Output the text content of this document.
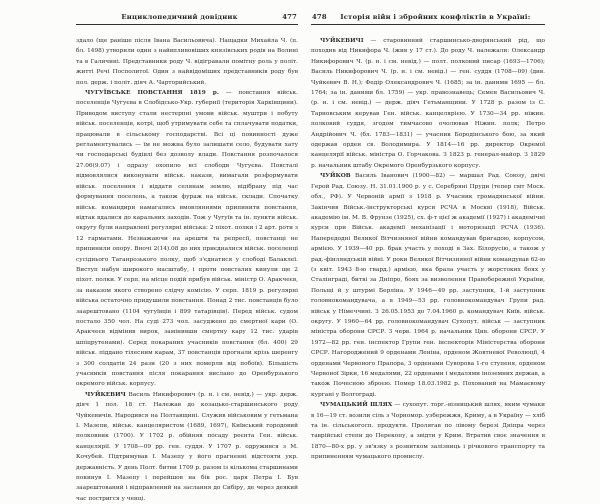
Енциклопедичний довідник	477

здало (ще раніше після Івана Васильовича). Нащадки Михайла Ч. (п. бл. 1498) утворили один з найвпливовіших князівських родів на Волині та в Галичині. Представники роду Ч. відігравали помітну роль у політ. житті Речі Посполитої. Один з найвідоміших представників роду був пол. держ. і політ. діяч А. Чарторийський.

ЧУГУЇВСЬКЕ ПОВСТАННЯ 1819 р. — повстання військ. поселенців Чугуєва в Слобідсько-Укр. губернії (територія Харківщини). Приводом виступу стали нестерпні умови військ. муштри і побуту військ. поселенців, котрі, щоб утримувати себе та сплачувати податки, працювали в сільському господарстві. Всі ці повинності дуже регламентувались — їм не можна було залишати село, будувати хату чи господарські будівлі без дозволу влади. Повстання розпочалося 27.06(9.07) і одразу охопило всі слободи Чугуєва. Повсталі відмовлялися виконувати військ. накази, вимагали розформувати військ. поселення і віддати селянам землю, відібрану під час формування поселень, а також фураж на військ. склади. Спочатку військ. командири намагались вмовляннями припинити повстання, відтак вдалися до каральних заходів. Тож у Чугуїв та ін. пункти військ. округу були направлені регулярні війська: 2 піхот. полки і 2 арт. роти з 12 гарматами. Незважаючи на арешти та репресії, повстанці не припинили опору. Вночі 2(14).08 до них приєдналися військ. поселенці сусіднього Таганрозького полку, щоб з'єднатися у слободі Балаклеї. Виступ набув широкого масштабу, і проти повсталих кинули ще 2 піхот. полки. У серп. на місце подій прибув військ. міністр О. Аракчеєв, за наказом якого створено слідчу комісію. У серп. 1819 р. регулярні війська остаточно придушили повстання. Понад 2 тис. повстанців було заарештовано (1104 чугуївців і 899 татарівців). Перед військ. судом постало 350 чол. На суді 273 чол. засуджено до смертної кари (О. Аракчеєв відмінив вирок, замінивши смертну кару 12 тис. ударів шпіцрутенами). Серед покараних учасників повстання (бл. 400) 29 військ. піддано тілесним карам, 37 повстанців прогнали крізь шеренгу з 300 солдатів 24 рази (20 з них померли від побоїв). Більшість учасників повстання після покарання вислано до Оренбурзького окремого військ. корпусу.

ЧУЙКЕВИЧ Василь Никифорович (р. н. і см. невід.) — укр. держ. діяч 1 пол. 18 ст. Належав до козацько-старшинського роду Чуйкевичів. Народився на Полтавщині. Служив військовим у гетьмана І. Мазепи, військ. канцеляристом (1689, 1697), Київський городовий полковник (1700). У 1702 р. обійняв посаду реєнта Ген. військ. канцелярії. У 1708—09 рр. ген. суддя. У 1707 р. одружився з М. Кочубей. Підтримував І. Мазепу у його прагненні відстояти укр. державність. У день Полт. битви 1709 р. разом із кількома старшинами покинув І. Мазепу і перейшов на бік рос. царя Петра І. Був заарештований і відправлений на заслання до Сибіру, де через деякий час постригся у ченці.

478	Історія війн і збройних конфліктів в Україні:

ЧУЙКЕВИЧІ — старовинний старшинсько-дворянський рід, що походив від Никифора Ч. (жив у 17 ст.). До роду Ч. належали: Олександр Никифорович Ч. (р. н. і см. невід.) — полт. полковий писар (1693—1706); Василь Никифорович Ч. (р. н. і см. невід.) — ген. суддя (1708—09) (див. Чуйкевич В. Н.); Федір Олександрович Ч. (1685; за ін. даними 1695 — бл. 1764; за ін. даними бл. 1759) — укр. правознавець; Семен Васильович Ч. (р. н. і см. невід.) — держ. діяч Гетьманщини. У 1728 р. разом із С. Тарновським керував Ген. військ. канцелярією. У 1730—34 рр. ніжин. полковий суддя, згодом тимчасово очолював Ніжин. полк; Петро Андрійович Ч. (бл. 1783—1831) — учасник Бородінського бою, за який одержав орден св. Володимира. У 1814—16 рр. директор Окремої канцелярії військ. міністра О. Горчакова. З 1823 р. генерал-майор. З 1829 р. начальник штабу Окремого Оренбурзького корпусу.

ЧУЙКОВ Василь Іванович (1900—82) — маршал Рад. Союзу, двічі Герой Рад. Союзу. Н. 31.01.1900 р. у с. Серебряні Пруди (тепер смт Моск. обл., РФ). У Червоній армії з 1918 р. Учасник громадянської війни. Закінчив Військ.-інструкторські курси РСЧА в Москві (1918), Військ. академію ім. М. В. Фрунзе (1925), сх. ф-т цієї ж академії (1927) і академічні курси при Військ. академії механізації і моторизації РСЧА (1936). Напередодні Великої Вітчизняної війни командував бригадою, корпусом, армією. У 1939—40 рр. брав участь у поході в Зах. Білорусію, а також у рад.-фінляндській війні. У роки Великої Вітчизняної війни командував 62-ю (з квіт. 1943 8-ю гвард.) армією, яка брала участь у жорстоких боях у Сталінграді, битві за Дніпро, боях за визволення Правобережної України, Польщі й у штурмі Берліна. У 1946—49 рр. заступник, 1-й заступник головнокомандувача, а в 1949—53 рр. головнокомандувач Групи рад. військ у Німеччині. З 26.05.1953 до 7.04.1960 р. командувач Київ. військ. округу. У 1960—64 рр. головнокомандувач Сухопут. військ — заступник міністра оборони СРСР. З черв. 1964 р. начальник Цив. оборони СРСР. У 1972—82 рр. ген. інспектор Групи ген. інспекторів Міністерства оборони СРСР. Нагороджений 9 орденами Леніна, орденом Жовтневої Революції, 4 орденами Червоного Прапора, 3 орденами Суворова 1-го ступеня, орденом Червоної Зірки, 16 медалями, 22 орденами і медалями іноземних держав, а також Почесною зброєю. Помер 18.03.1982 р. Похований на Мамаєвому кургані у Волгограді.

ЧУМАЦЬКИЙ ШЛЯХ — сухопут. торг.-візницький шлях, яким чумаки в 16—19 ст. возили сіль з Чорномор. узбережжя, Криму, а в Україну — хліб та ін. сільськогосп. продукти. Пролягав по лівому березі Дніпра через таврійські степи до Перекопу, а звідти у Крим. Втратив своє значення в 1870—80-х рр. у зв'язку з розвитком залізниць і річкового транспорту та припиненням чумацького промислу.
